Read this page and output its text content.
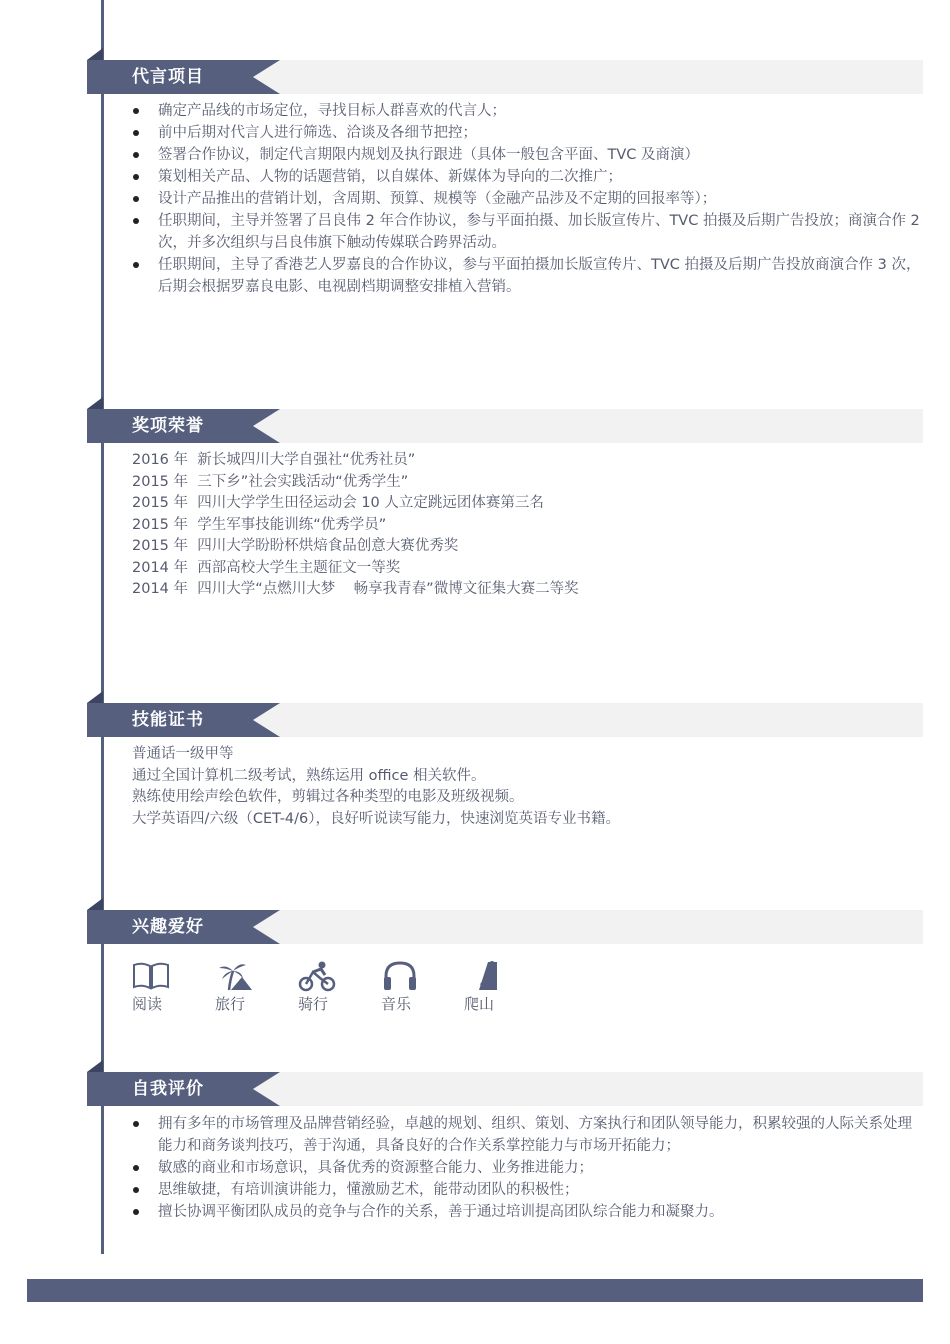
代言项目
确定产品线的市场定位，寻找目标人群喜欢的代言人；
前中后期对代言人进行筛选、洽谈及各细节把控；
签署合作协议，制定代言期限内规划及执行跟进（具体一般包含平面、TVC 及商演）
策划相关产品、人物的话题营销，以自媒体、新媒体为导向的二次推广；
设计产品推出的营销计划，含周期、预算、规模等（金融产品涉及不定期的回报率等）；
任职期间，主导并签署了吕良伟 2 年合作协议，参与平面拍摄、加长版宣传片、TVC 拍摄及后期广告投放；商演合作 2 次，并多次组织与吕良伟旗下触动传媒联合跨界活动。
任职期间，主导了香港艺人罗嘉良的合作协议，参与平面拍摄加长版宣传片、TVC 拍摄及后期广告投放商演合作 3 次，后期会根据罗嘉良电影、电视剧档期调整安排植入营销。
奖项荣誉
2016 年  新长城四川大学自强社“优秀社员”
2015 年  三下乡”社会实践活动“优秀学生”
2015 年  四川大学学生田径运动会 10 人立定跳远团体赛第三名
2015 年  学生军事技能训练“优秀学员”
2015 年  四川大学盼盼杯烘焙食品创意大赛优秀奖
2014 年  西部高校大学生主题征文一等奖
2014 年  四川大学“点燃川大梦    畅享我青春”微博文征集大赛二等奖
技能证书
普通话一级甲等
通过全国计算机二级考试，熟练运用 office 相关软件。
熟练使用绘声绘色软件，剪辑过各种类型的电影及班级视频。
大学英语四/六级（CET-4/6），良好听说读写能力，快速浏览英语专业书籍。
兴趣爱好
阅读	旅行	骑行	音乐	爬山
自我评价
拥有多年的市场管理及品牌营销经验，卓越的规划、组织、策划、方案执行和团队领导能力，积累较强的人际关系处理能力和商务谈判技巧，善于沟通，具备良好的合作关系掌控能力与市场开拓能力；
敏感的商业和市场意识，具备优秀的资源整合能力、业务推进能力；
思维敏捷，有培训演讲能力，懂激励艺术，能带动团队的积极性；
擅长协调平衡团队成员的竞争与合作的关系，善于通过培训提高团队综合能力和凝聚力。
